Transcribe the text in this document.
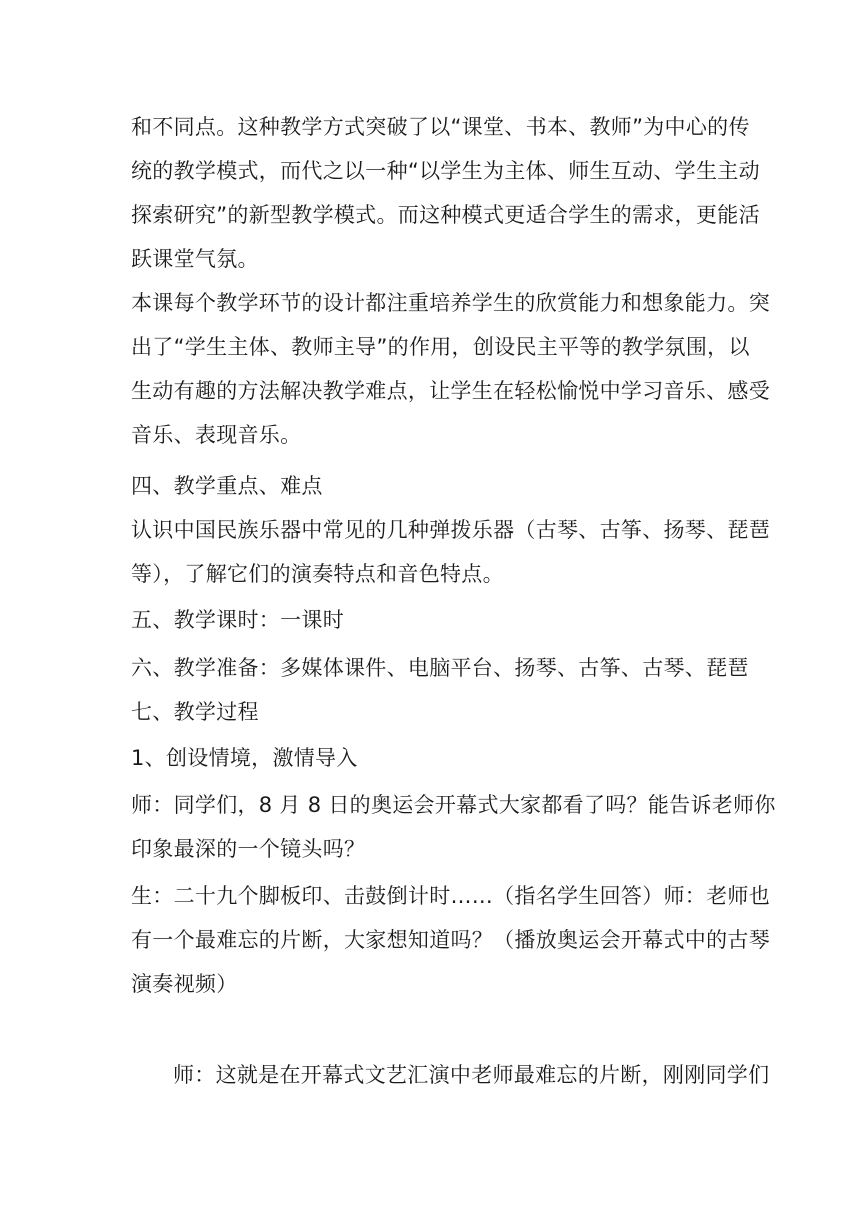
和不同点。这种教学方式突破了以“课堂、书本、教师”为中心的传
统的教学模式，而代之以一种“以学生为主体、师生互动、学生主动
探索研究”的新型教学模式。而这种模式更适合学生的需求，更能活
跃课堂气氛。
本课每个教学环节的设计都注重培养学生的欣赏能力和想象能力。突
出了“学生主体、教师主导”的作用，创设民主平等的教学氛围，以
生动有趣的方法解决教学难点，让学生在轻松愉悦中学习音乐、感受
音乐、表现音乐。
四、教学重点、难点
认识中国民族乐器中常见的几种弹拨乐器（古琴、古筝、扬琴、琵琶
等），了解它们的演奏特点和音色特点。
五、教学课时：一课时
六、教学准备：多媒体课件、电脑平台、扬琴、古筝、古琴、琵琶
七、教学过程
1、创设情境，激情导入
师：同学们，8 月 8 日的奥运会开幕式大家都看了吗？能告诉老师你
印象最深的一个镜头吗？
生：二十九个脚板印、击鼓倒计时……（指名学生回答）师：老师也
有一个最难忘的片断，大家想知道吗？（播放奥运会开幕式中的古琴
演奏视频）
师：这就是在开幕式文艺汇演中老师最难忘的片断，刚刚同学们
